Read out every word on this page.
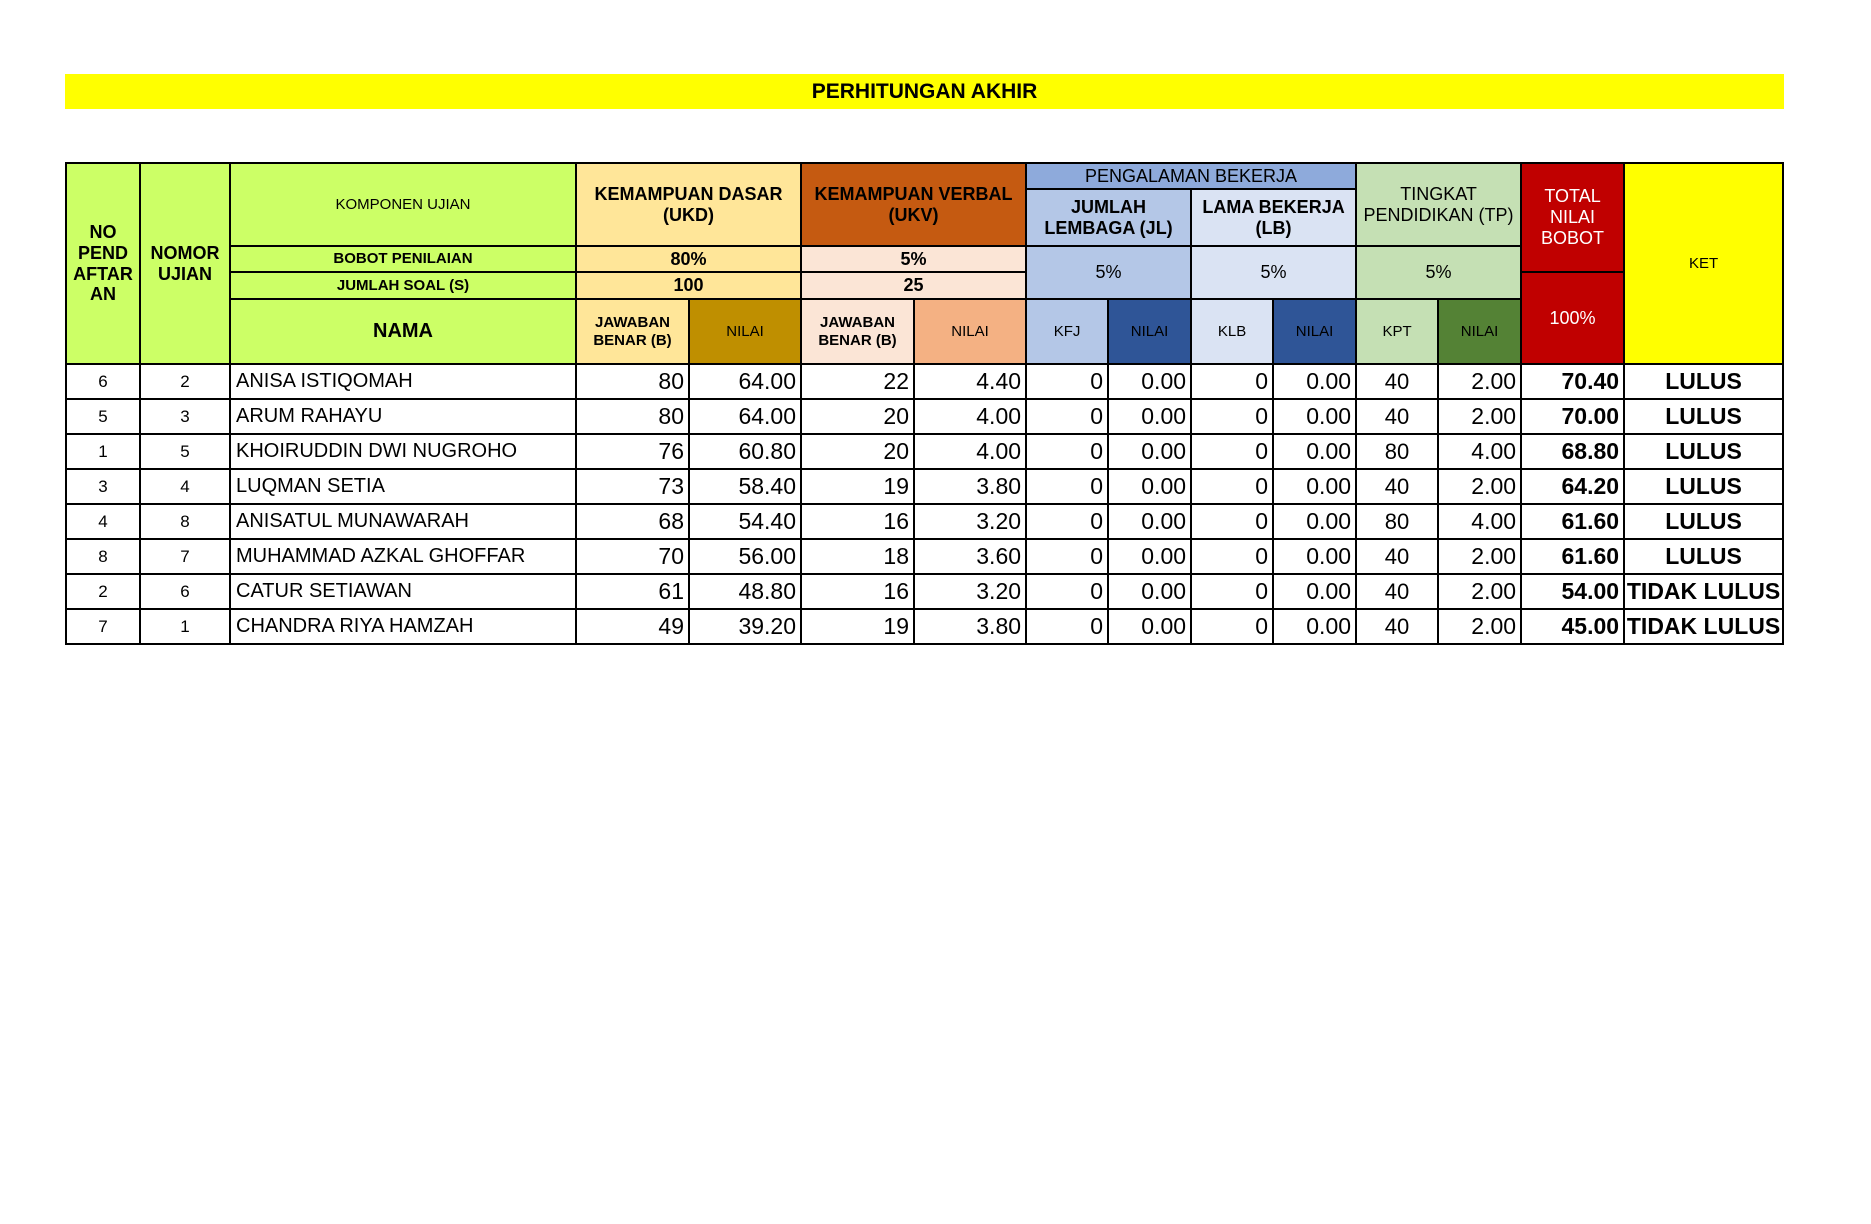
PERHITUNGAN AKHIR
NO PEND AFTAR AN	NOMOR UJIAN	KOMPONEN UJIAN	KEMAMPUAN DASAR (UKD)		KEMAMPUAN VERBAL (UKV)		PENGALAMAN BEKERJA				TINGKAT PENDIDIKAN (TP)		TOTAL NILAI BOBOT	KET
							JUMLAH LEMBAGA (JL)		LAMA BEKERJA (LB)					
		BOBOT PENILAIAN	80%		5%		5%		5%		5%			
		JUMLAH SOAL (S)	100		25								100%	
		NAMA	JAWABAN BENAR (B)	NILAI	JAWABAN BENAR (B)	NILAI	KFJ	NILAI	KLB	NILAI	KPT	NILAI		
6	2	ANISA ISTIQOMAH	80	64.00	22	4.40	0	0.00	0	0.00	40	2.00	70.40	LULUS
5	3	ARUM RAHAYU	80	64.00	20	4.00	0	0.00	0	0.00	40	2.00	70.00	LULUS
1	5	KHOIRUDDIN DWI NUGROHO	76	60.80	20	4.00	0	0.00	0	0.00	80	4.00	68.80	LULUS
3	4	LUQMAN SETIA	73	58.40	19	3.80	0	0.00	0	0.00	40	2.00	64.20	LULUS
4	8	ANISATUL MUNAWARAH	68	54.40	16	3.20	0	0.00	0	0.00	80	4.00	61.60	LULUS
8	7	MUHAMMAD AZKAL GHOFFAR	70	56.00	18	3.60	0	0.00	0	0.00	40	2.00	61.60	LULUS
2	6	CATUR SETIAWAN	61	48.80	16	3.20	0	0.00	0	0.00	40	2.00	54.00	TIDAK LULUS
7	1	CHANDRA RIYA HAMZAH	49	39.20	19	3.80	0	0.00	0	0.00	40	2.00	45.00	TIDAK LULUS
